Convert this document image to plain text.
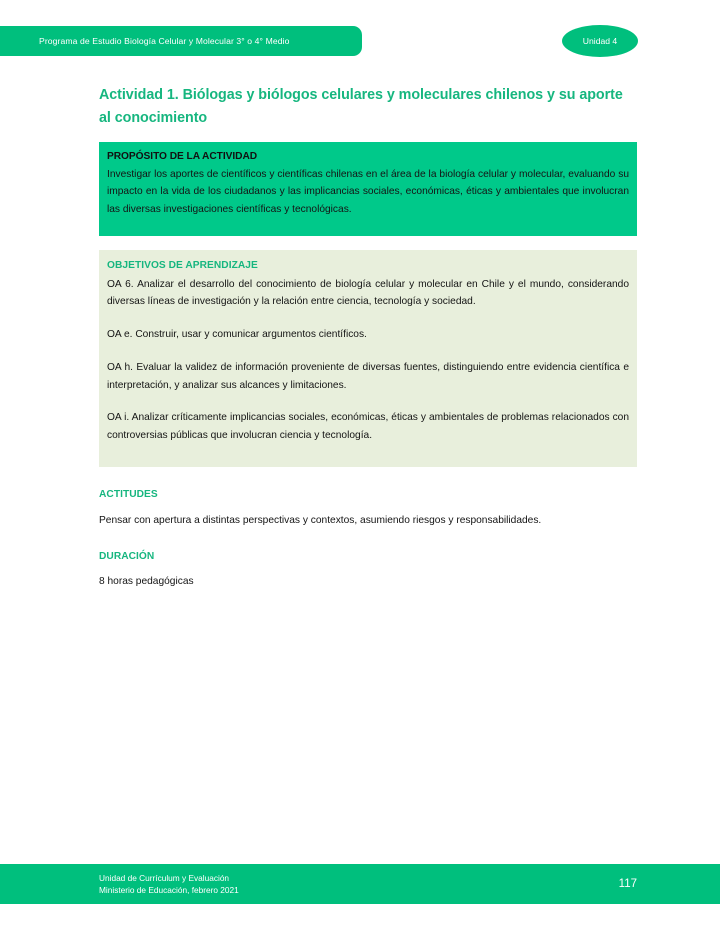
Programa de Estudio Biología Celular y Molecular 3° o 4° Medio	Unidad 4
Actividad 1. Biólogas y biólogos celulares y moleculares chilenos y su aporte al conocimiento
PROPÓSITO DE LA ACTIVIDAD

Investigar los aportes de científicos y científicas chilenas en el área de la biología celular y molecular, evaluando su impacto en la vida de los ciudadanos y las implicancias sociales, económicas, éticas y ambientales que involucran las diversas investigaciones científicas y tecnológicas.

OBJETIVOS DE APRENDIZAJE

OA 6. Analizar el desarrollo del conocimiento de biología celular y molecular en Chile y el mundo, considerando diversas líneas de investigación y la relación entre ciencia, tecnología y sociedad.

OA e. Construir, usar y comunicar argumentos científicos.

OA h. Evaluar la validez de información proveniente de diversas fuentes, distinguiendo entre evidencia científica e interpretación, y analizar sus alcances y limitaciones.

OA i. Analizar críticamente implicancias sociales, económicas, éticas y ambientales de problemas relacionados con controversias públicas que involucran ciencia y tecnología.

ACTITUDES

Pensar con apertura a distintas perspectivas y contextos, asumiendo riesgos y responsabilidades.

DURACIÓN

8 horas pedagógicas

Unidad de Currículum y Evaluación
Ministerio de Educación, febrero 2021	117
